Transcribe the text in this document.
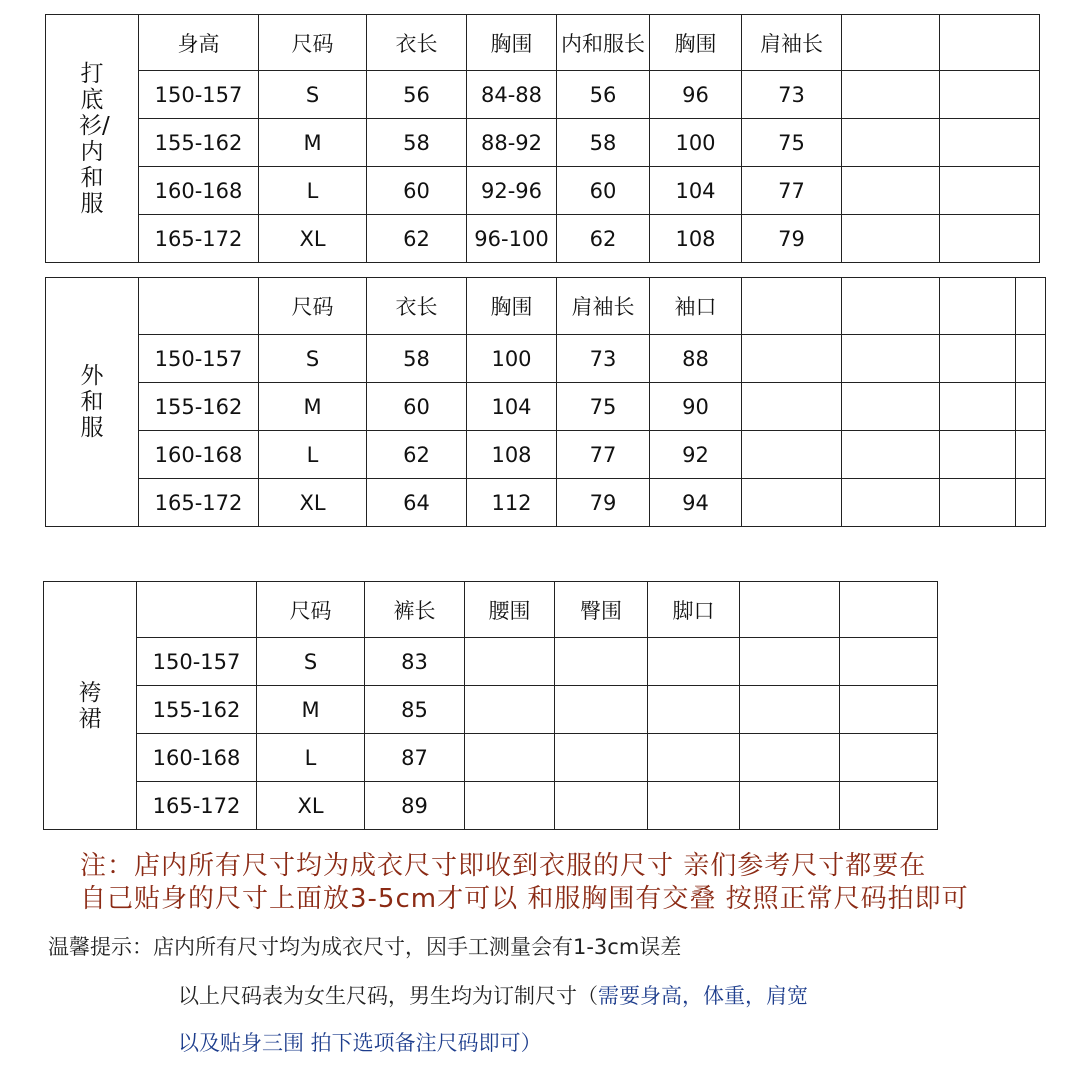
打底衫/内和服	身高	尺码	衣长	胸围	内和服长	胸围	肩袖长		
	150-157	S	56	84-88	56	96	73		
	155-162	M	58	88-92	58	100	75		
	160-168	L	60	92-96	60	104	77		
	165-172	XL	62	96-100	62	108	79		
外和服		尺码	衣长	胸围	肩袖长	袖口				
	150-157	S	58	100	73	88				
	155-162	M	60	104	75	90				
	160-168	L	62	108	77	92				
	165-172	XL	64	112	79	94				
袴裙		尺码	裤长	腰围	臀围	脚口		
	150-157	S	83					
	155-162	M	85					
	160-168	L	87					
	165-172	XL	89					
注：店内所有尺寸均为成衣尺寸即收到衣服的尺寸 亲们参考尺寸都要在
自己贴身的尺寸上面放3-5cm才可以 和服胸围有交叠 按照正常尺码拍即可
温馨提示：店内所有尺寸均为成衣尺寸，因手工测量会有1-3cm误差
以上尺码表为女生尺码，男生均为订制尺寸（需要身高，体重，肩宽
以及贴身三围 拍下选项备注尺码即可）
